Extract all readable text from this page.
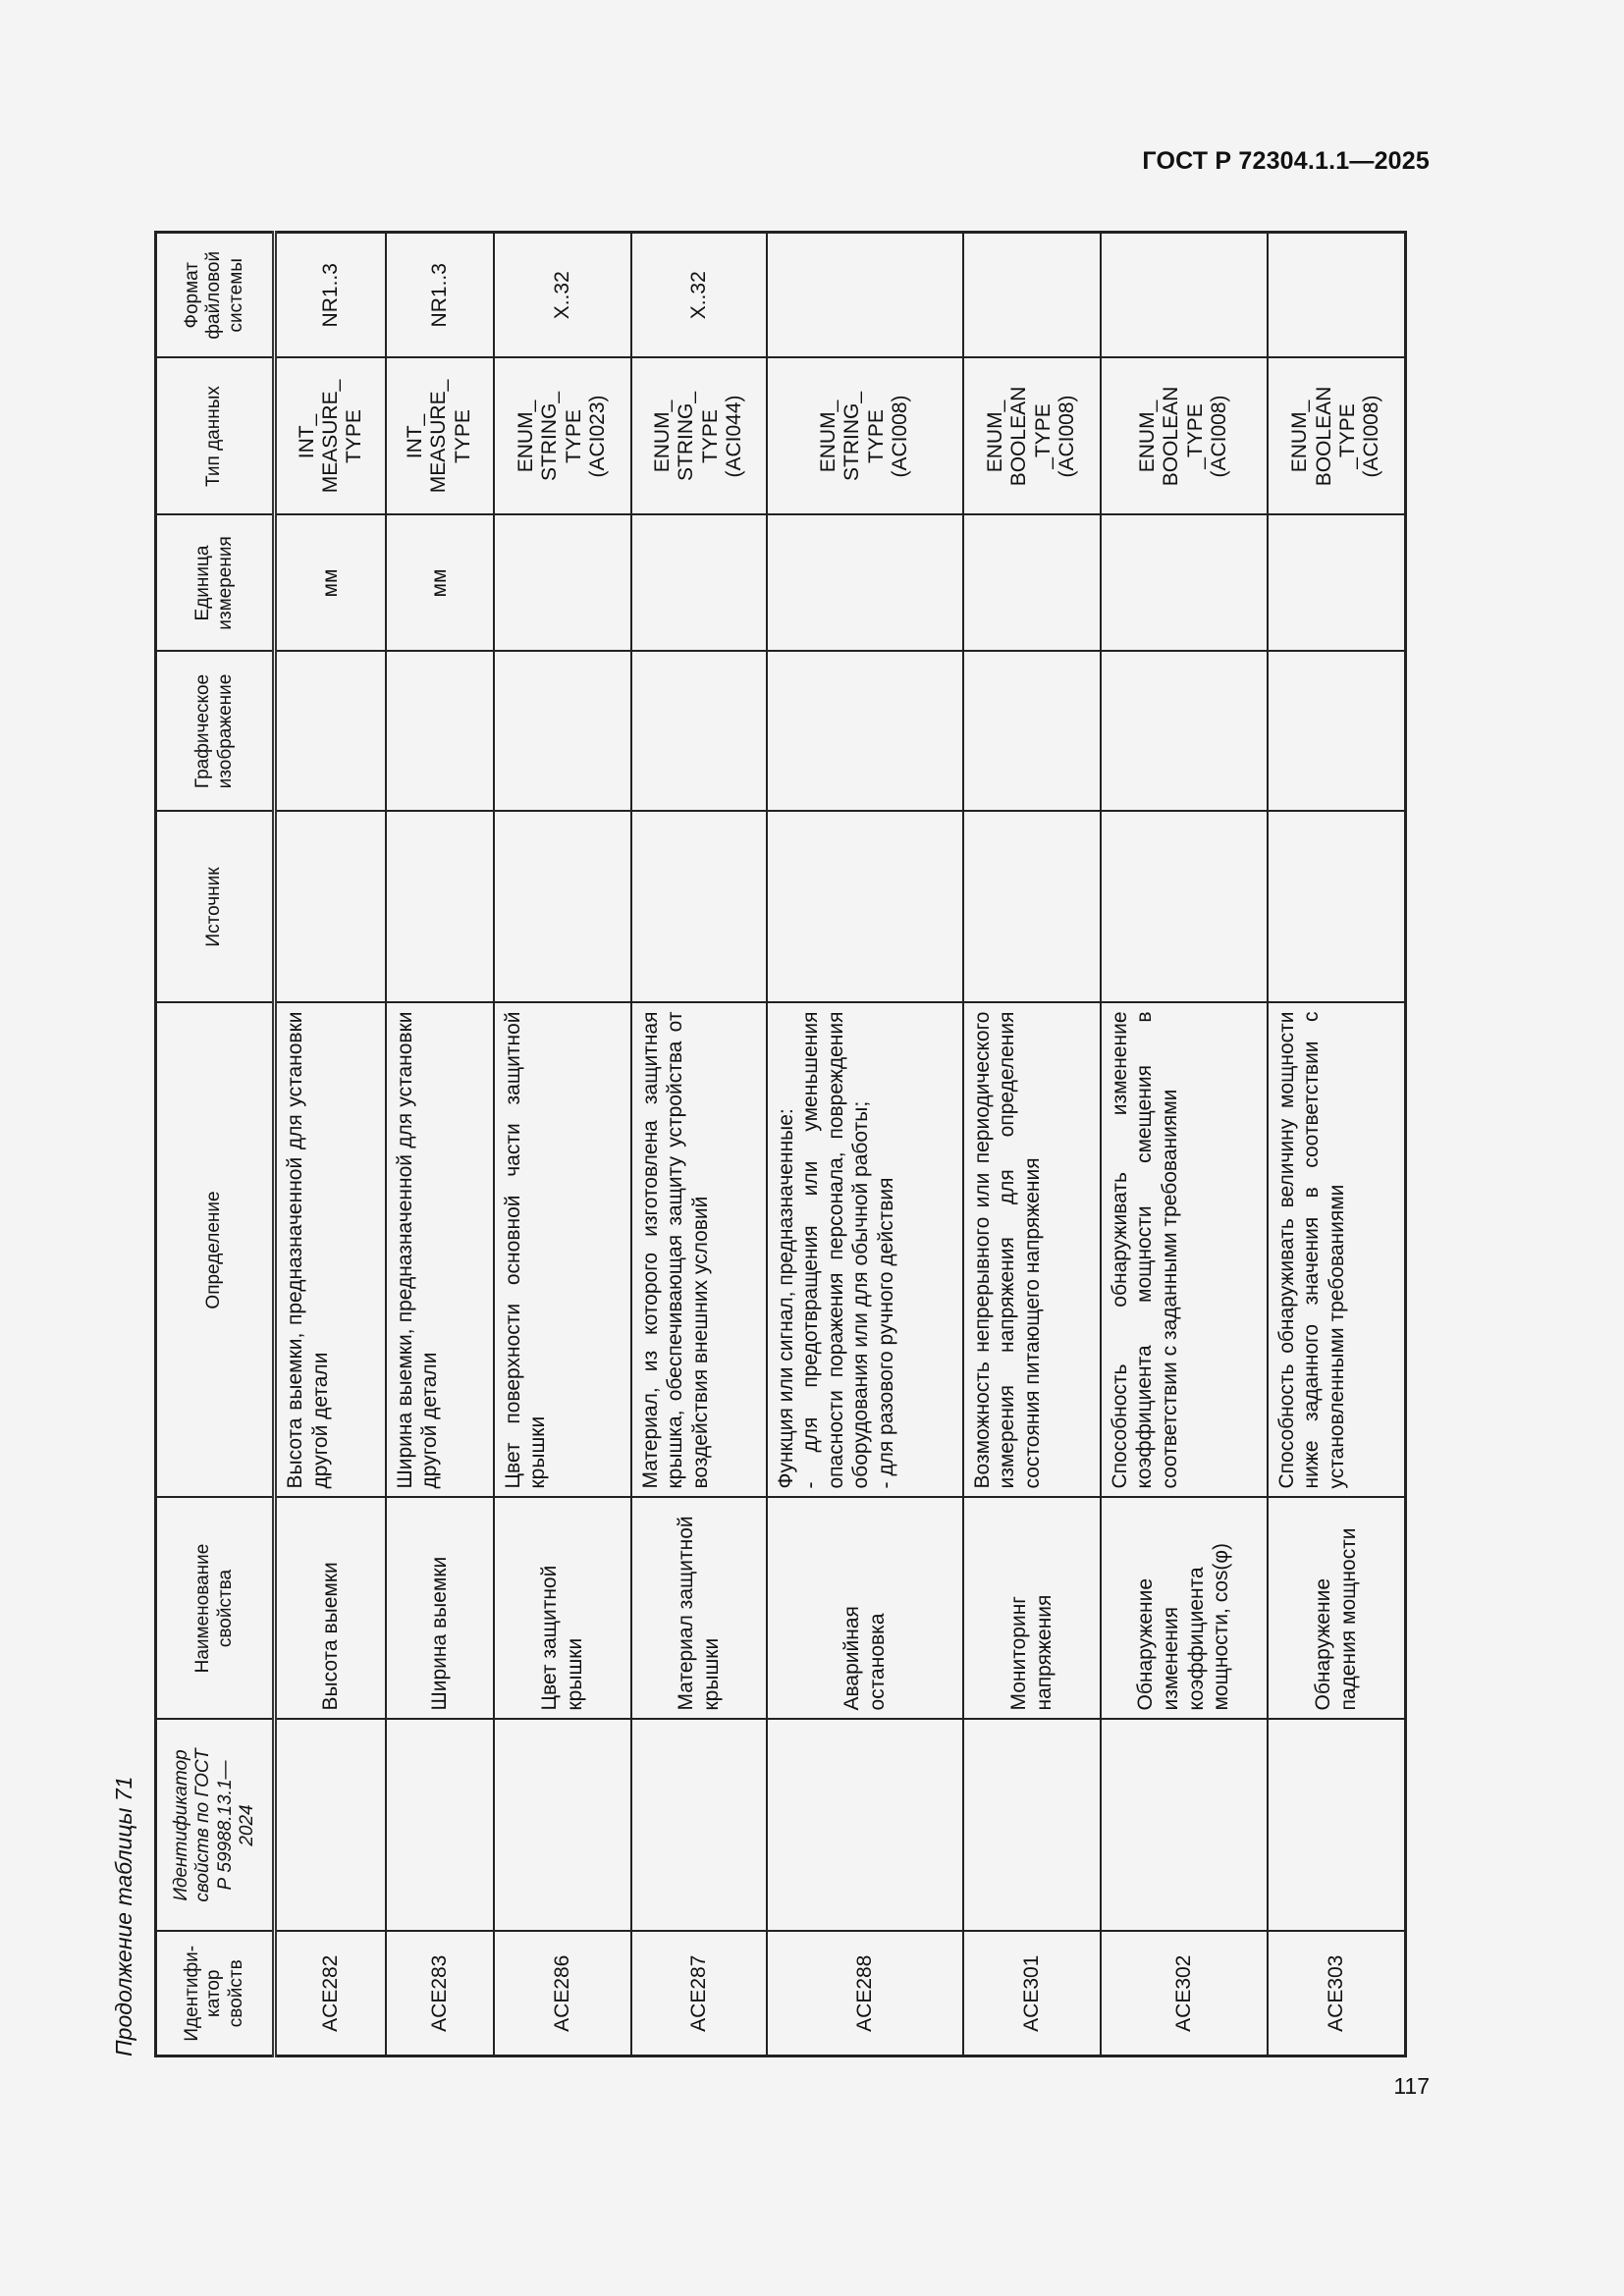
ГОСТ Р 72304.1.1—2025
Продолжение таблицы 71 Идентифи-
катор
свойств	Идентификатор
свойств по ГОСТ
Р 59988.13.1—
2024	Наименование
свойства	Определение	Источник	Графическое
изображение	Единица
измерения	Тип данных	Формат
файловой
системы
ACE282		Высота выемки	Высота выемки, предназначенной для установки другой детали			мм	INT_
MEASURE_
TYPE	NR1..3
ACE283		Ширина выемки	Ширина выемки, предназначенной для установки другой детали			мм	INT_
MEASURE_
TYPE	NR1..3
ACE286		Цвет защитной крышки	Цвет поверхности основной части защитной крышки				ENUM_
STRING_
TYPE
(ACI023)	X..32
ACE287		Материал защитной крышки	Материал, из которого изготовлена защитная крышка, обеспечивающая защиту устройства от воздействия внешних условий				ENUM_
STRING_
TYPE
(ACI044)	X..32
ACE288		Аварийная остановка	Функция или сигнал, предназначенные:
- для предотвращения или уменьшения опасности поражения персонала, повреждения оборудования или для обычной работы;
- для разового ручного действия				ENUM_
STRING_
TYPE
(ACI008)	
ACE301		Мониторинг напряжения	Возможность непрерывного или периодического измерения напряжения для определения состояния питающего напряжения				ENUM_
BOOLEAN
_TYPE
(ACI008)	
ACE302		Обнаружение изменения коэффициента мощности, cos(φ)	Способность обнаруживать изменение коэффициента мощности смещения в соответствии с заданными требованиями				ENUM_
BOOLEAN
_TYPE
(ACI008)	
ACE303		Обнаружение падения мощности	Способность обнаруживать величину мощности ниже заданного значения в соответствии с установленными требованиями				ENUM_
BOOLEAN
_TYPE
(ACI008)	
117
